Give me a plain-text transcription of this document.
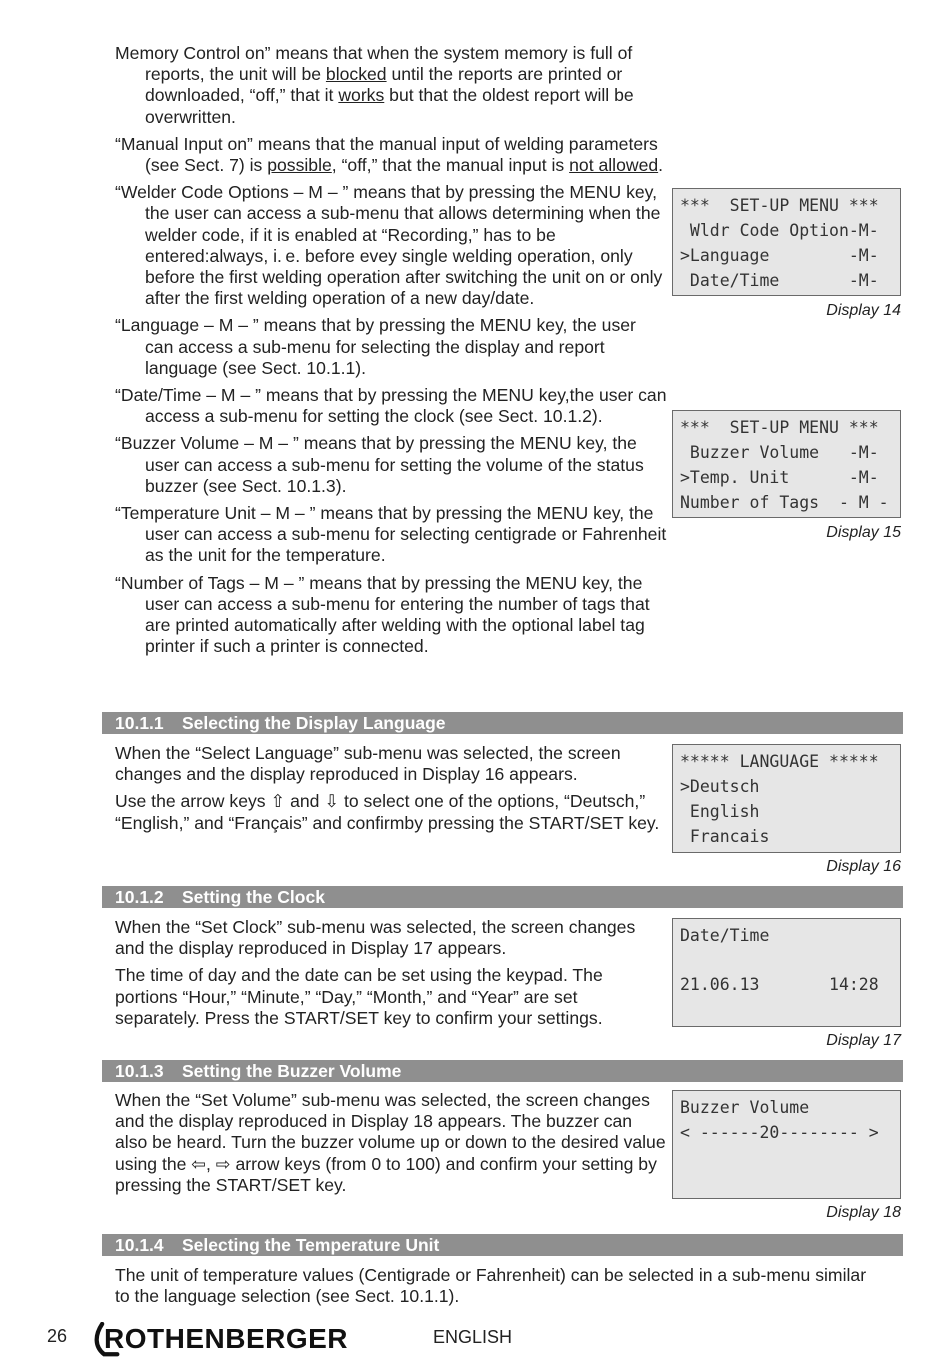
Memory Control on” means that when the system memory is full of reports, the unit will be blocked until the reports are printed or downloaded, “off,” that it works but that the oldest report will be overwritten.

“Manual Input on” means that the manual input of welding parameters (see Sect. 7) is possible, “off,” that the manual input is not allowed.

“Welder Code Options – M – ” means that by pressing the MENU key, the user can access a sub-menu that allows determining when the welder code, if it is enabled at “Recording,” has to be entered:always, i. e. before evey single welding operation, only before the first welding operation after switching the unit on or only after the first welding operation of a new day/date.

“Language – M – ” means that by pressing the MENU key, the user can access a sub-menu for selecting the display and report language (see Sect. 10.1.1).

“Date/Time – M – ” means that by pressing the MENU key,the user can access a sub-menu for setting the clock (see Sect. 10.1.2).

“Buzzer Volume – M – ” means that by pressing the MENU key, the user can access a sub-menu for setting the volume of the status buzzer (see Sect. 10.1.3).

“Temperature Unit – M – ” means that by pressing the MENU key, the user can access a sub-menu for selecting centigrade or Fahrenheit as the unit for the temperature.

“Number of Tags – M – ” means that by pressing the MENU key, the user can access a sub-menu for entering the number of tags that are printed automatically after welding with the optional label tag printer if such a printer is connected.

***  SET-UP MENU ***
Wldr Code Option-M-
>Language        -M-
Date/Time       -M-
Display 14
***  SET-UP MENU ***
Buzzer Volume   -M-
>Temp. Unit      -M-
Number of Tags  - M -
Display 15
10.1.1 Selecting the Display Language

When the “Select Language” sub-menu was selected, the screen changes and the display reproduced in Display 16 appears.

Use the arrow keys ⇧ and ⇩ to select one of the options, “Deutsch,” “English,” and “Français” and confirmby pressing the START/SET key.

***** LANGUAGE *****
>Deutsch
English
Francais
Display 16
10.1.2 Setting the Clock

When the “Set Clock” sub-menu was selected, the screen changes and the display reproduced in Display 17 appears.

The time of day and the date can be set using the keypad. The portions “Hour,” “Minute,” “Day,” “Month,” and “Year” are set separately. Press the START/SET key to confirm your settings.

Date/Time
21.06.13       14:28
Display 17
10.1.3 Setting the Buzzer Volume

When the “Set Volume” sub-menu was selected, the screen changes and the display reproduced in Display 18 appears. The buzzer can also be heard. Turn the buzzer volume up or down to the desired value using the ⇦, ⇨ arrow keys (from 0 to 100) and confirm your setting by pressing the START/SET key.

Buzzer Volume
< ------20-------- >
Display 18
10.1.4 Selecting the Temperature Unit

The unit of temperature values (Centigrade or Fahrenheit) can be selected in a sub-menu similar to the language selection (see Sect. 10.1.1).

26 ROTHENBERGER	ENGLISH
